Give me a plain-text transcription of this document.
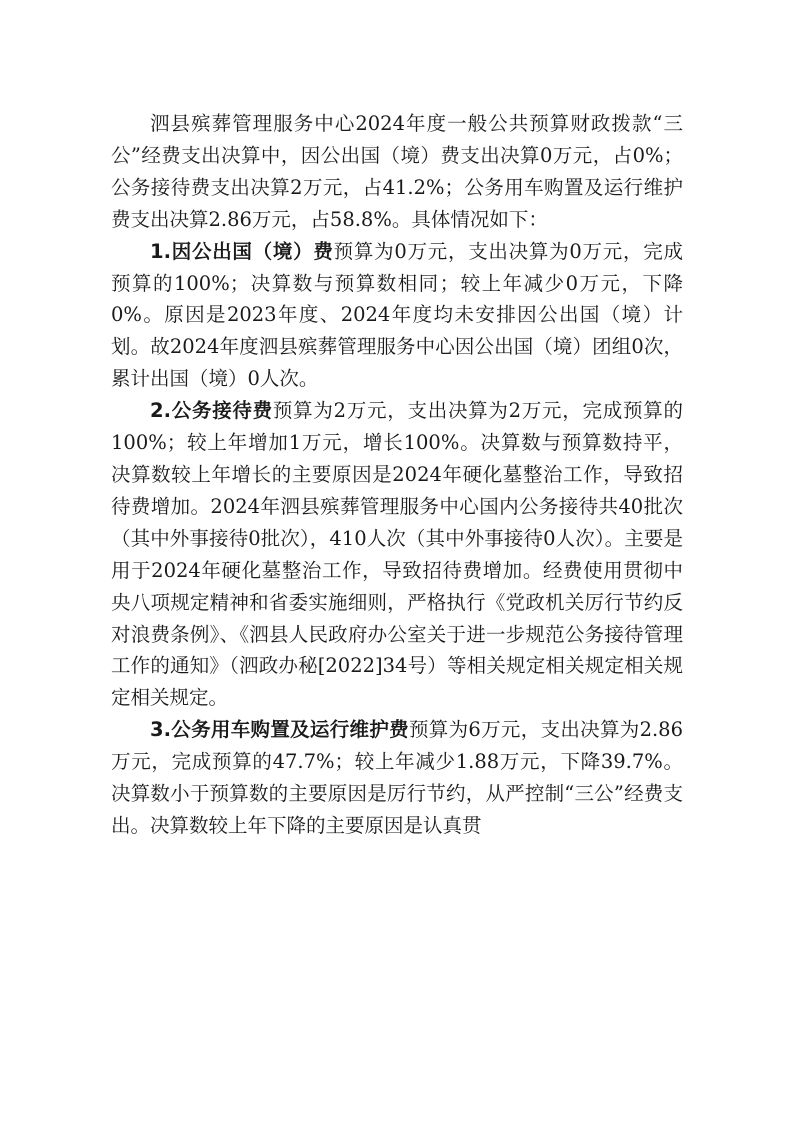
泗县殡葬管理服务中心2024年度一般公共预算财政拨款“三公”经费支出决算中，因公出国（境）费支出决算0万元，占0%；公务接待费支出决算2万元，占41.2%；公务用车购置及运行维护费支出决算2.86万元，占58.8%。具体情况如下：

1.因公出国（境）费预算为0万元，支出决算为0万元，完成预算的100%；决算数与预算数相同；较上年减少0万元，下降0%。原因是2023年度、2024年度均未安排因公出国（境）计划。故2024年度泗县殡葬管理服务中心因公出国（境）团组0次，累计出国（境）0人次。

2.公务接待费预算为2万元，支出决算为2万元，完成预算的100%；较上年增加1万元，增长100%。决算数与预算数持平，决算数较上年增长的主要原因是2024年硬化墓整治工作，导致招待费增加。2024年泗县殡葬管理服务中心国内公务接待共40批次（其中外事接待0批次），410人次（其中外事接待0人次）。主要是用于2024年硬化墓整治工作，导致招待费增加。经费使用贯彻中央八项规定精神和省委实施细则，严格执行《党政机关厉行节约反对浪费条例》、《泗县人民政府办公室关于进一步规范公务接待管理工作的通知》（泗政办秘[2022]34号）等相关规定相关规定相关规定相关规定。

3.公务用车购置及运行维护费预算为6万元，支出决算为2.86万元，完成预算的47.7%；较上年减少1.88万元，下降39.7%。决算数小于预算数的主要原因是厉行节约，从严控制“三公”经费支出。决算数较上年下降的主要原因是认真贯
